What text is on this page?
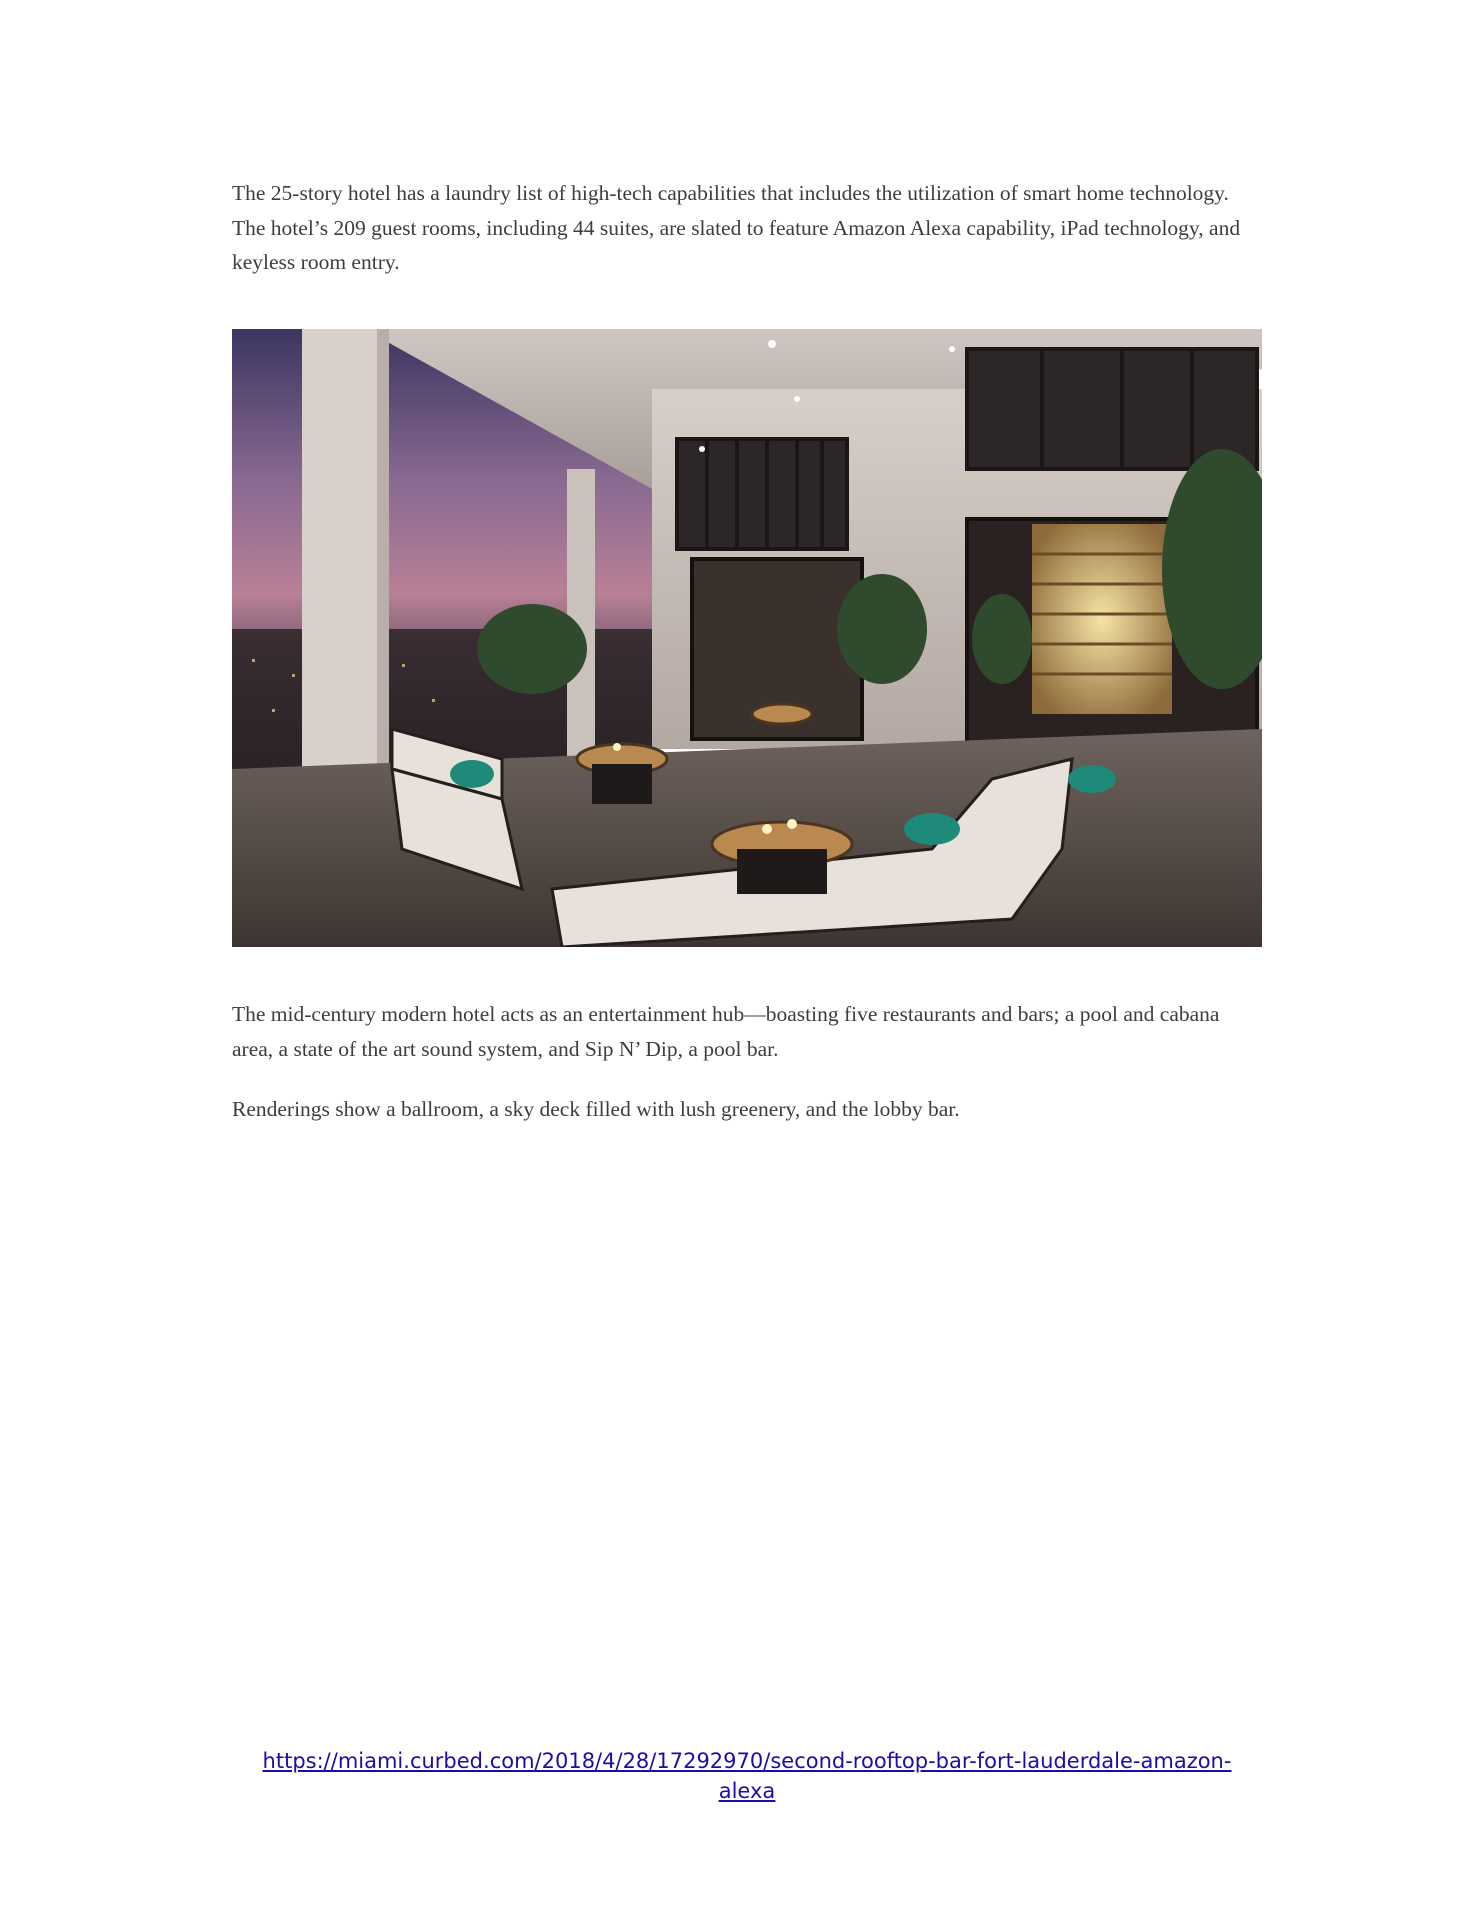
The 25-story hotel has a laundry list of high-tech capabilities that includes the utilization of smart home technology. The hotel’s 209 guest rooms, including 44 suites, are slated to feature Amazon Alexa capability, iPad technology, and keyless room entry.

The mid-century modern hotel acts as an entertainment hub—boasting five restaurants and bars; a pool and cabana area, a state of the art sound system, and Sip N’ Dip, a pool bar.

Renderings show a ballroom, a sky deck filled with lush greenery, and the lobby bar.

https://miami.curbed.com/2018/4/28/17292970/second-rooftop-bar-fort-lauderdale-amazon-
alexa
